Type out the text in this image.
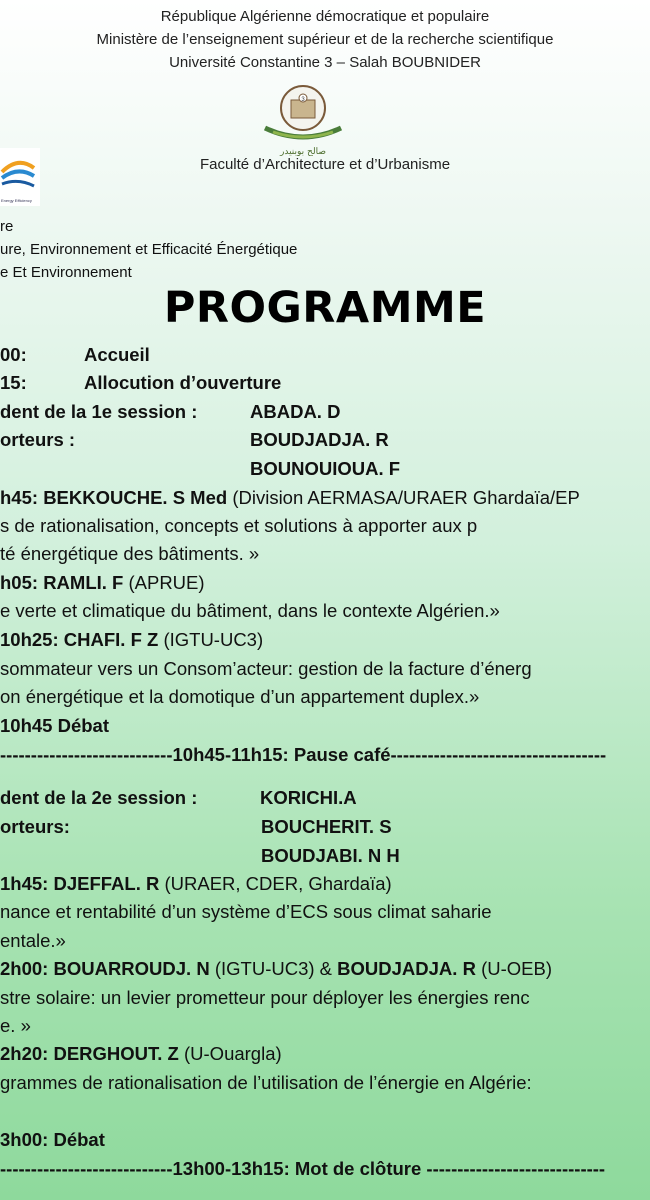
République Algérienne démocratique et populaire
Ministère de l’enseignement supérieur et de la recherche scientifique
Université Constantine 3 – Salah BOUBNIDER
3
صالح بوبنيدر
Energy Efficiency
Faculté d’Architecture et d’Urbanisme
re
ure, Environnement et Efficacité Énergétique
e Et Environnement
PROGRAMME
00:	Accueil
15:	Allocution d’ouverture
dent de la 1e session :	ABADA. D
orteurs :	BOUDJADJA. R
BOUNOUIOUA. F
h45: BEKKOUCHE. S Med (Division AERMASA/URAER Ghardaïa/EP
s de rationalisation, concepts et solutions à apporter aux p
té énergétique des bâtiments. »
h05: RAMLI. F (APRUE)
e verte et climatique du bâtiment, dans le contexte Algérien.»
10h25: CHAFI. F Z (IGTU-UC3)
sommateur vers un Consom’acteur: gestion de la facture d’énerg
on énergétique et la domotique d’un appartement duplex.»
10h45 Débat
----------------------------10h45-11h15: Pause café-----------------------------------
dent de la 2e session :	KORICHI.A
orteurs:	BOUCHERIT. S
BOUDJABI. N H
1h45: DJEFFAL. R (URAER, CDER, Ghardaïa)
nance et rentabilité d’un système d’ECS sous climat saharie
entale.»
2h00: BOUARROUDJ. N (IGTU-UC3) & BOUDJADJA. R (U-OEB)
stre solaire: un levier prometteur pour déployer les énergies renc
e. »
2h20: DERGHOUT. Z (U-Ouargla)
grammes de rationalisation de l’utilisation de l’énergie en Algérie:
3h00: Débat
----------------------------13h00-13h15: Mot de clôture -----------------------------
